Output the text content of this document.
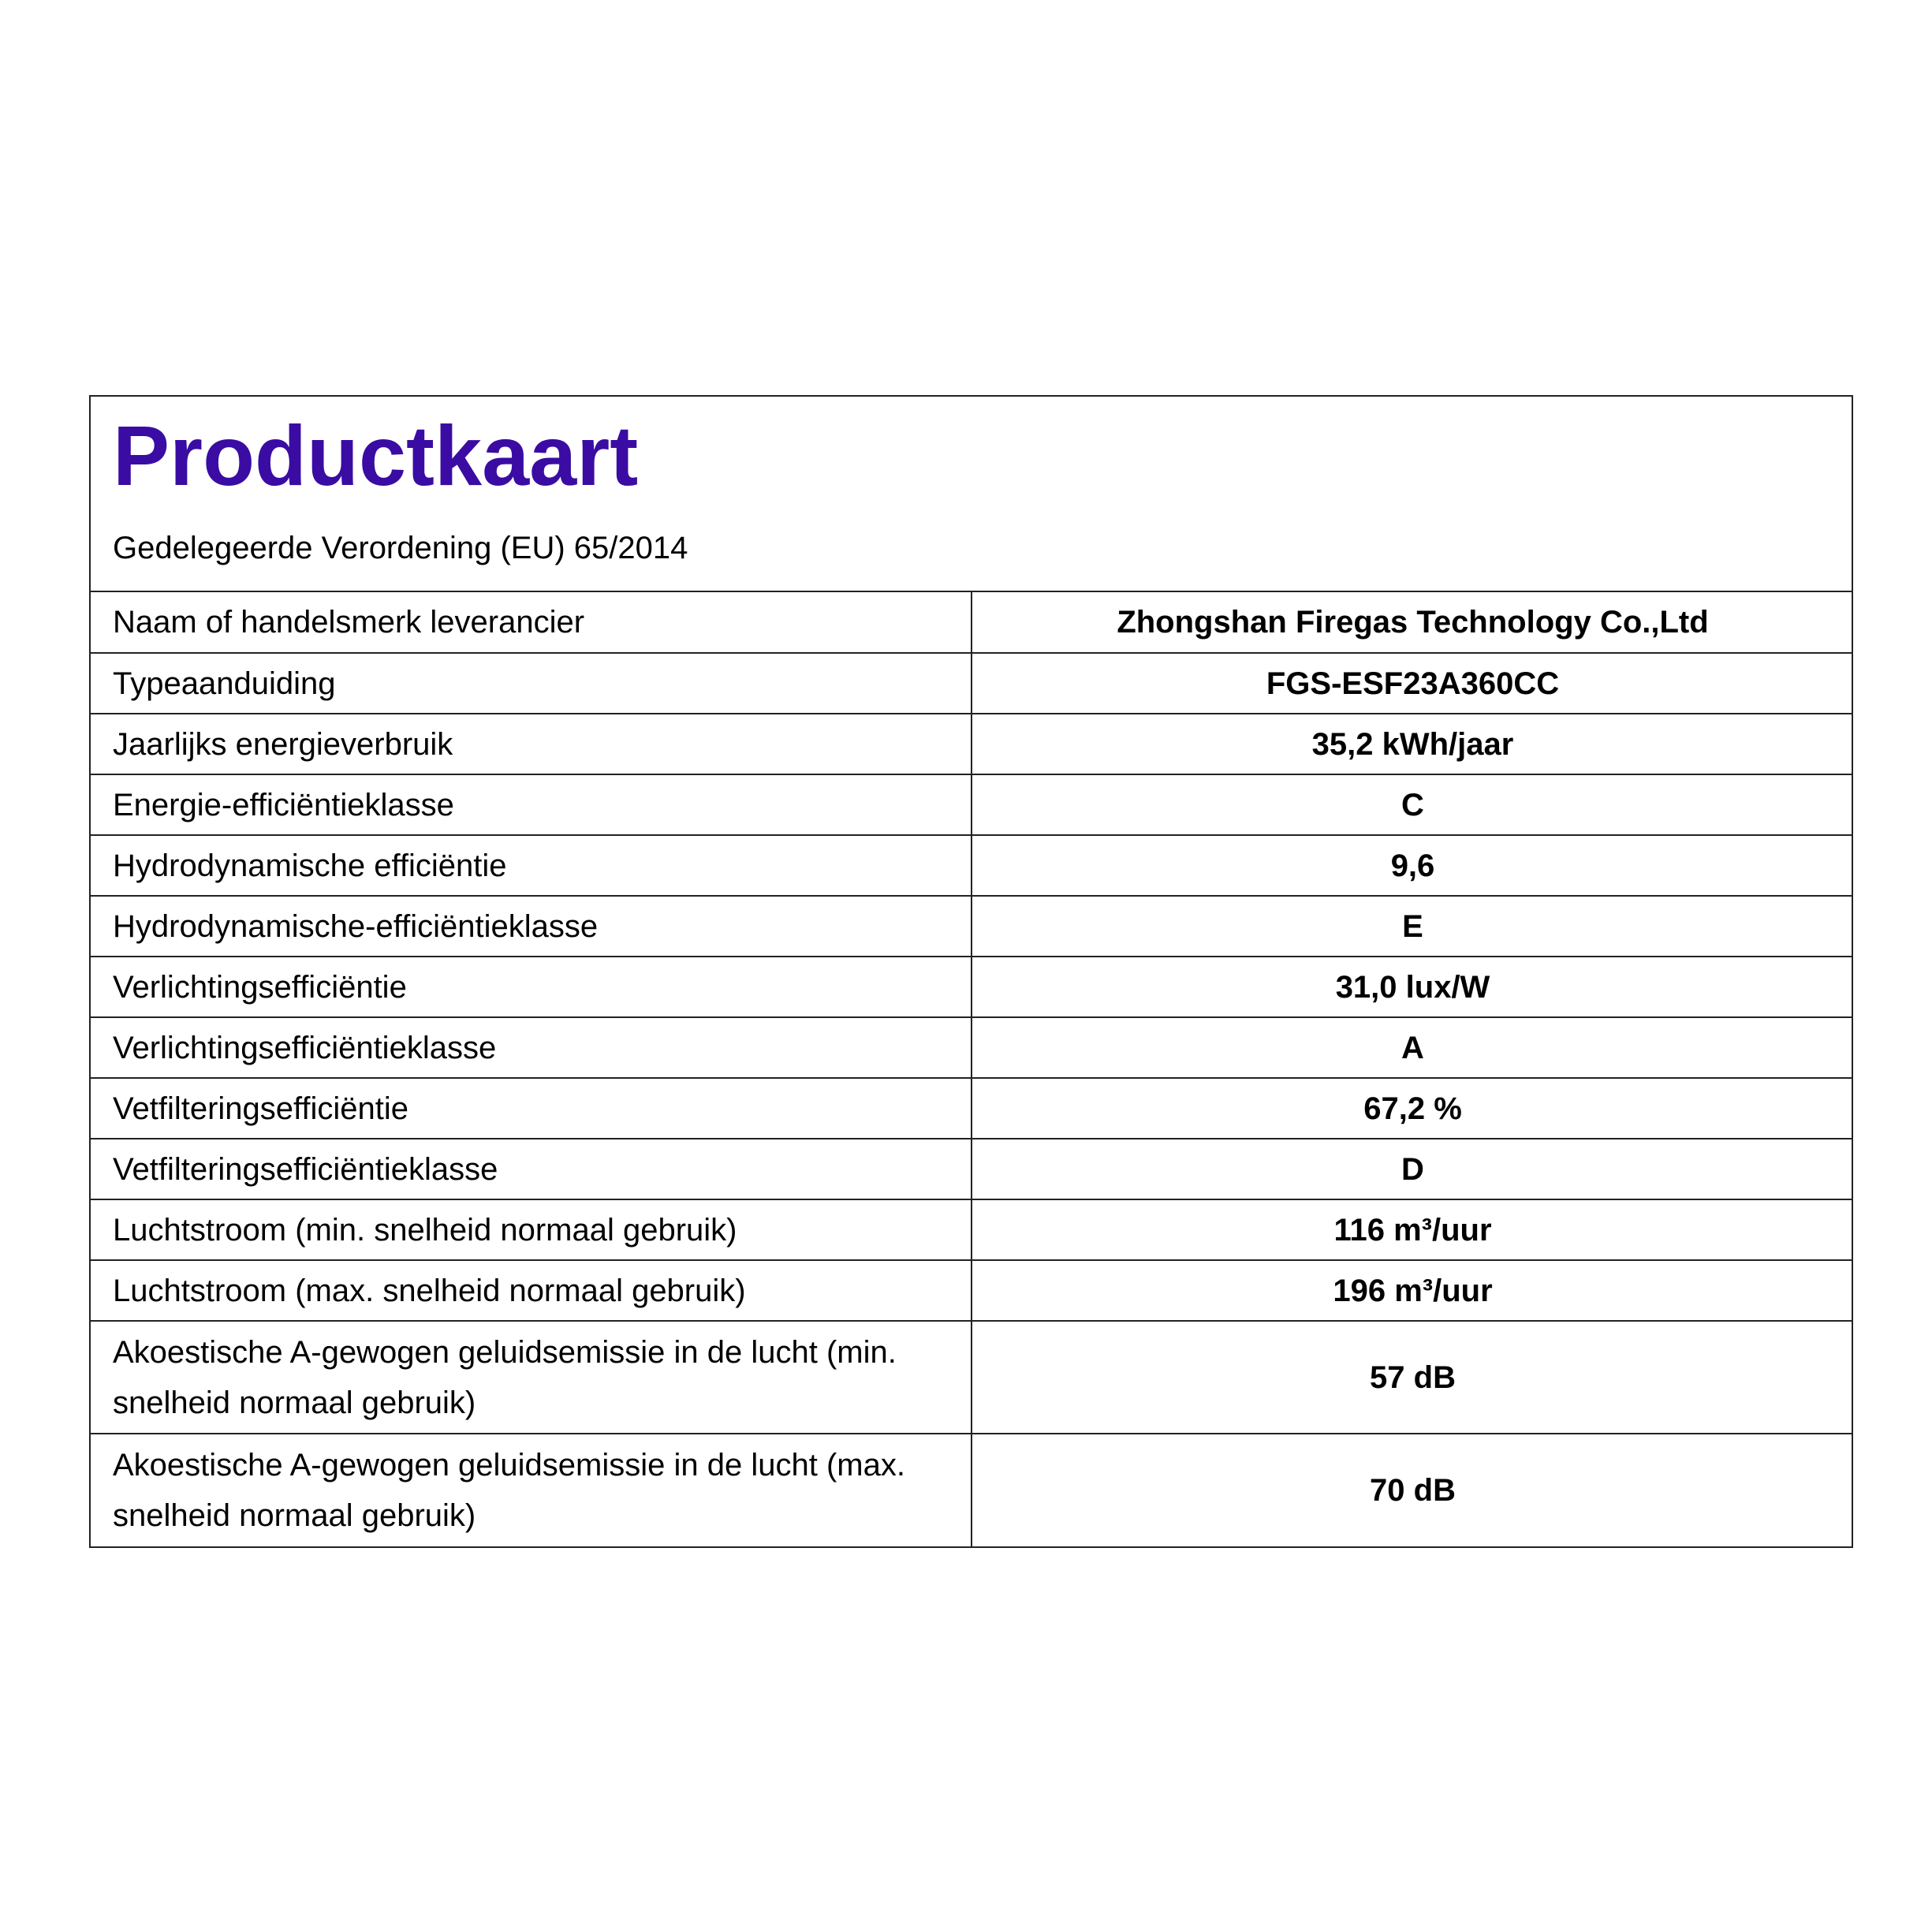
Productkaart
Gedelegeerde Verordening (EU) 65/2014
Naam of handelsmerk leverancier	Zhongshan Firegas Technology Co.,Ltd
Typeaanduiding	FGS-ESF23A360CC
Jaarlijks energieverbruik	35,2 kWh/jaar
Energie-efficiëntieklasse	C
Hydrodynamische efficiëntie	9,6
Hydrodynamische-efficiëntieklasse	E
Verlichtingsefficiëntie	31,0 lux/W
Verlichtingsefficiëntieklasse	A
Vetfilteringsefficiëntie	67,2 %
Vetfilteringsefficiëntieklasse	D
Luchtstroom (min. snelheid normaal gebruik)	116 m³/uur
Luchtstroom (max. snelheid normaal gebruik)	196 m³/uur
Akoestische A-gewogen geluidsemissie in de lucht (min. snelheid normaal gebruik)	57 dB
Akoestische A-gewogen geluidsemissie in de lucht (max. snelheid normaal gebruik)	70 dB
